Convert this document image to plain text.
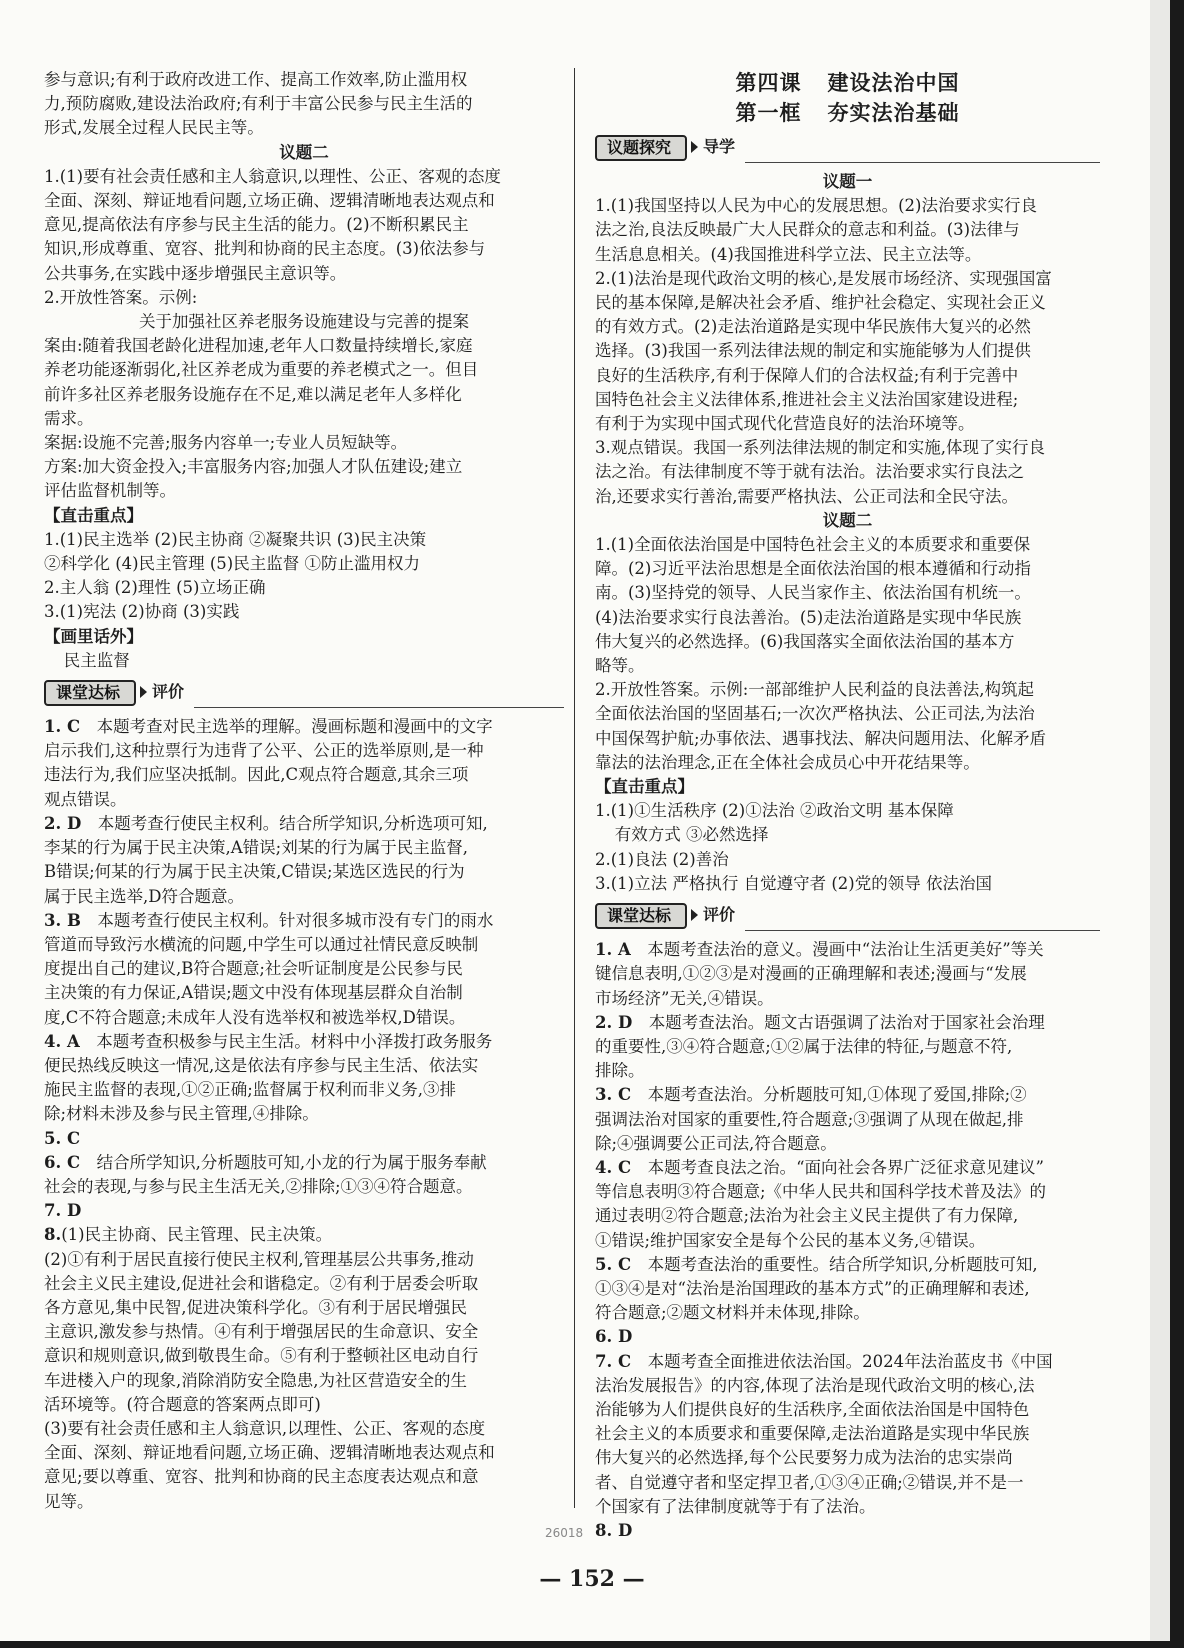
参与意识;有利于政府改进工作、提高工作效率,防止滥用权

力,预防腐败,建设法治政府;有利于丰富公民参与民主生活的

形式,发展全过程人民民主等。

议题二

1.(1)要有社会责任感和主人翁意识,以理性、公正、客观的态度

全面、深刻、辩证地看问题,立场正确、逻辑清晰地表达观点和

意见,提高依法有序参与民主生活的能力。(2)不断积累民主

知识,形成尊重、宽容、批判和协商的民主态度。(3)依法参与

公共事务,在实践中逐步增强民主意识等。

2.开放性答案。示例:

关于加强社区养老服务设施建设与完善的提案

案由:随着我国老龄化进程加速,老年人口数量持续增长,家庭

养老功能逐渐弱化,社区养老成为重要的养老模式之一。但目

前许多社区养老服务设施存在不足,难以满足老年人多样化

需求。

案据:设施不完善;服务内容单一;专业人员短缺等。

方案:加大资金投入;丰富服务内容;加强人才队伍建设;建立

评估监督机制等。

【直击重点】

1.(1)民主选举 (2)民主协商 ②凝聚共识 (3)民主决策

②科学化 (4)民主管理 (5)民主监督 ①防止滥用权力

2.主人翁 (2)理性 (5)立场正确

3.(1)宪法 (2)协商 (3)实践

【画里话外】

民主监督

课堂达标	评价

1. C 本题考查对民主选举的理解。漫画标题和漫画中的文字

启示我们,这种拉票行为违背了公平、公正的选举原则,是一种

违法行为,我们应坚决抵制。因此,C观点符合题意,其余三项

观点错误。

2. D 本题考查行使民主权利。结合所学知识,分析选项可知,

李某的行为属于民主决策,A错误;刘某的行为属于民主监督,

B错误;何某的行为属于民主决策,C错误;某选区选民的行为

属于民主选举,D符合题意。

3. B 本题考查行使民主权利。针对很多城市没有专门的雨水

管道而导致污水横流的问题,中学生可以通过社情民意反映制

度提出自己的建议,B符合题意;社会听证制度是公民参与民

主决策的有力保证,A错误;题文中没有体现基层群众自治制

度,C不符合题意;未成年人没有选举权和被选举权,D错误。

4. A 本题考查积极参与民主生活。材料中小泽拨打政务服务

便民热线反映这一情况,这是依法有序参与民主生活、依法实

施民主监督的表现,①②正确;监督属于权利而非义务,③排

除;材料未涉及参与民主管理,④排除。

5. C

6. C 结合所学知识,分析题肢可知,小龙的行为属于服务奉献

社会的表现,与参与民主生活无关,②排除;①③④符合题意。

7. D

8.(1)民主协商、民主管理、民主决策。

(2)①有利于居民直接行使民主权利,管理基层公共事务,推动

社会主义民主建设,促进社会和谐稳定。②有利于居委会听取

各方意见,集中民智,促进决策科学化。③有利于居民增强民

主意识,激发参与热情。④有利于增强居民的生命意识、安全

意识和规则意识,做到敬畏生命。⑤有利于整顿社区电动自行

车进楼入户的现象,消除消防安全隐患,为社区营造安全的生

活环境等。(符合题意的答案两点即可)

(3)要有社会责任感和主人翁意识,以理性、公正、客观的态度

全面、深刻、辩证地看问题,立场正确、逻辑清晰地表达观点和

意见;要以尊重、宽容、批判和协商的民主态度表达观点和意

见等。

第四课 建设法治中国

第一框 夯实法治基础

议题探究	导学

议题一

1.(1)我国坚持以人民为中心的发展思想。(2)法治要求实行良

法之治,良法反映最广大人民群众的意志和利益。(3)法律与

生活息息相关。(4)我国推进科学立法、民主立法等。

2.(1)法治是现代政治文明的核心,是发展市场经济、实现强国富

民的基本保障,是解决社会矛盾、维护社会稳定、实现社会正义

的有效方式。(2)走法治道路是实现中华民族伟大复兴的必然

选择。(3)我国一系列法律法规的制定和实施能够为人们提供

良好的生活秩序,有利于保障人们的合法权益;有利于完善中

国特色社会主义法律体系,推进社会主义法治国家建设进程;

有利于为实现中国式现代化营造良好的法治环境等。

3.观点错误。我国一系列法律法规的制定和实施,体现了实行良

法之治。有法律制度不等于就有法治。法治要求实行良法之

治,还要求实行善治,需要严格执法、公正司法和全民守法。

议题二

1.(1)全面依法治国是中国特色社会主义的本质要求和重要保

障。(2)习近平法治思想是全面依法治国的根本遵循和行动指

南。(3)坚持党的领导、人民当家作主、依法治国有机统一。

(4)法治要求实行良法善治。(5)走法治道路是实现中华民族

伟大复兴的必然选择。(6)我国落实全面依法治国的基本方

略等。

2.开放性答案。示例:一部部维护人民利益的良法善法,构筑起

全面依法治国的坚固基石;一次次严格执法、公正司法,为法治

中国保驾护航;办事依法、遇事找法、解决问题用法、化解矛盾

靠法的法治理念,正在全体社会成员心中开花结果等。

【直击重点】

1.(1)①生活秩序 (2)①法治 ②政治文明 基本保障

有效方式 ③必然选择

2.(1)良法 (2)善治

3.(1)立法 严格执行 自觉遵守者 (2)党的领导 依法治国

课堂达标	评价

1. A 本题考查法治的意义。漫画中“法治让生活更美好”等关

键信息表明,①②③是对漫画的正确理解和表述;漫画与“发展

市场经济”无关,④错误。

2. D 本题考查法治。题文古语强调了法治对于国家社会治理

的重要性,③④符合题意;①②属于法律的特征,与题意不符,

排除。

3. C 本题考查法治。分析题肢可知,①体现了爱国,排除;②

强调法治对国家的重要性,符合题意;③强调了从现在做起,排

除;④强调要公正司法,符合题意。

4. C 本题考查良法之治。“面向社会各界广泛征求意见建议”

等信息表明③符合题意;《中华人民共和国科学技术普及法》的

通过表明②符合题意;法治为社会主义民主提供了有力保障,

①错误;维护国家安全是每个公民的基本义务,④错误。

5. C 本题考查法治的重要性。结合所学知识,分析题肢可知,

①③④是对“法治是治国理政的基本方式”的正确理解和表述,

符合题意;②题文材料并未体现,排除。

6. D

7. C 本题考查全面推进依法治国。2024年法治蓝皮书《中国

法治发展报告》的内容,体现了法治是现代政治文明的核心,法

治能够为人们提供良好的生活秩序,全面依法治国是中国特色

社会主义的本质要求和重要保障,走法治道路是实现中华民族

伟大复兴的必然选择,每个公民要努力成为法治的忠实崇尚

者、自觉遵守者和坚定捍卫者,①③④正确;②错误,并不是一

个国家有了法律制度就等于有了法治。

8. D

26018
— 152 —
